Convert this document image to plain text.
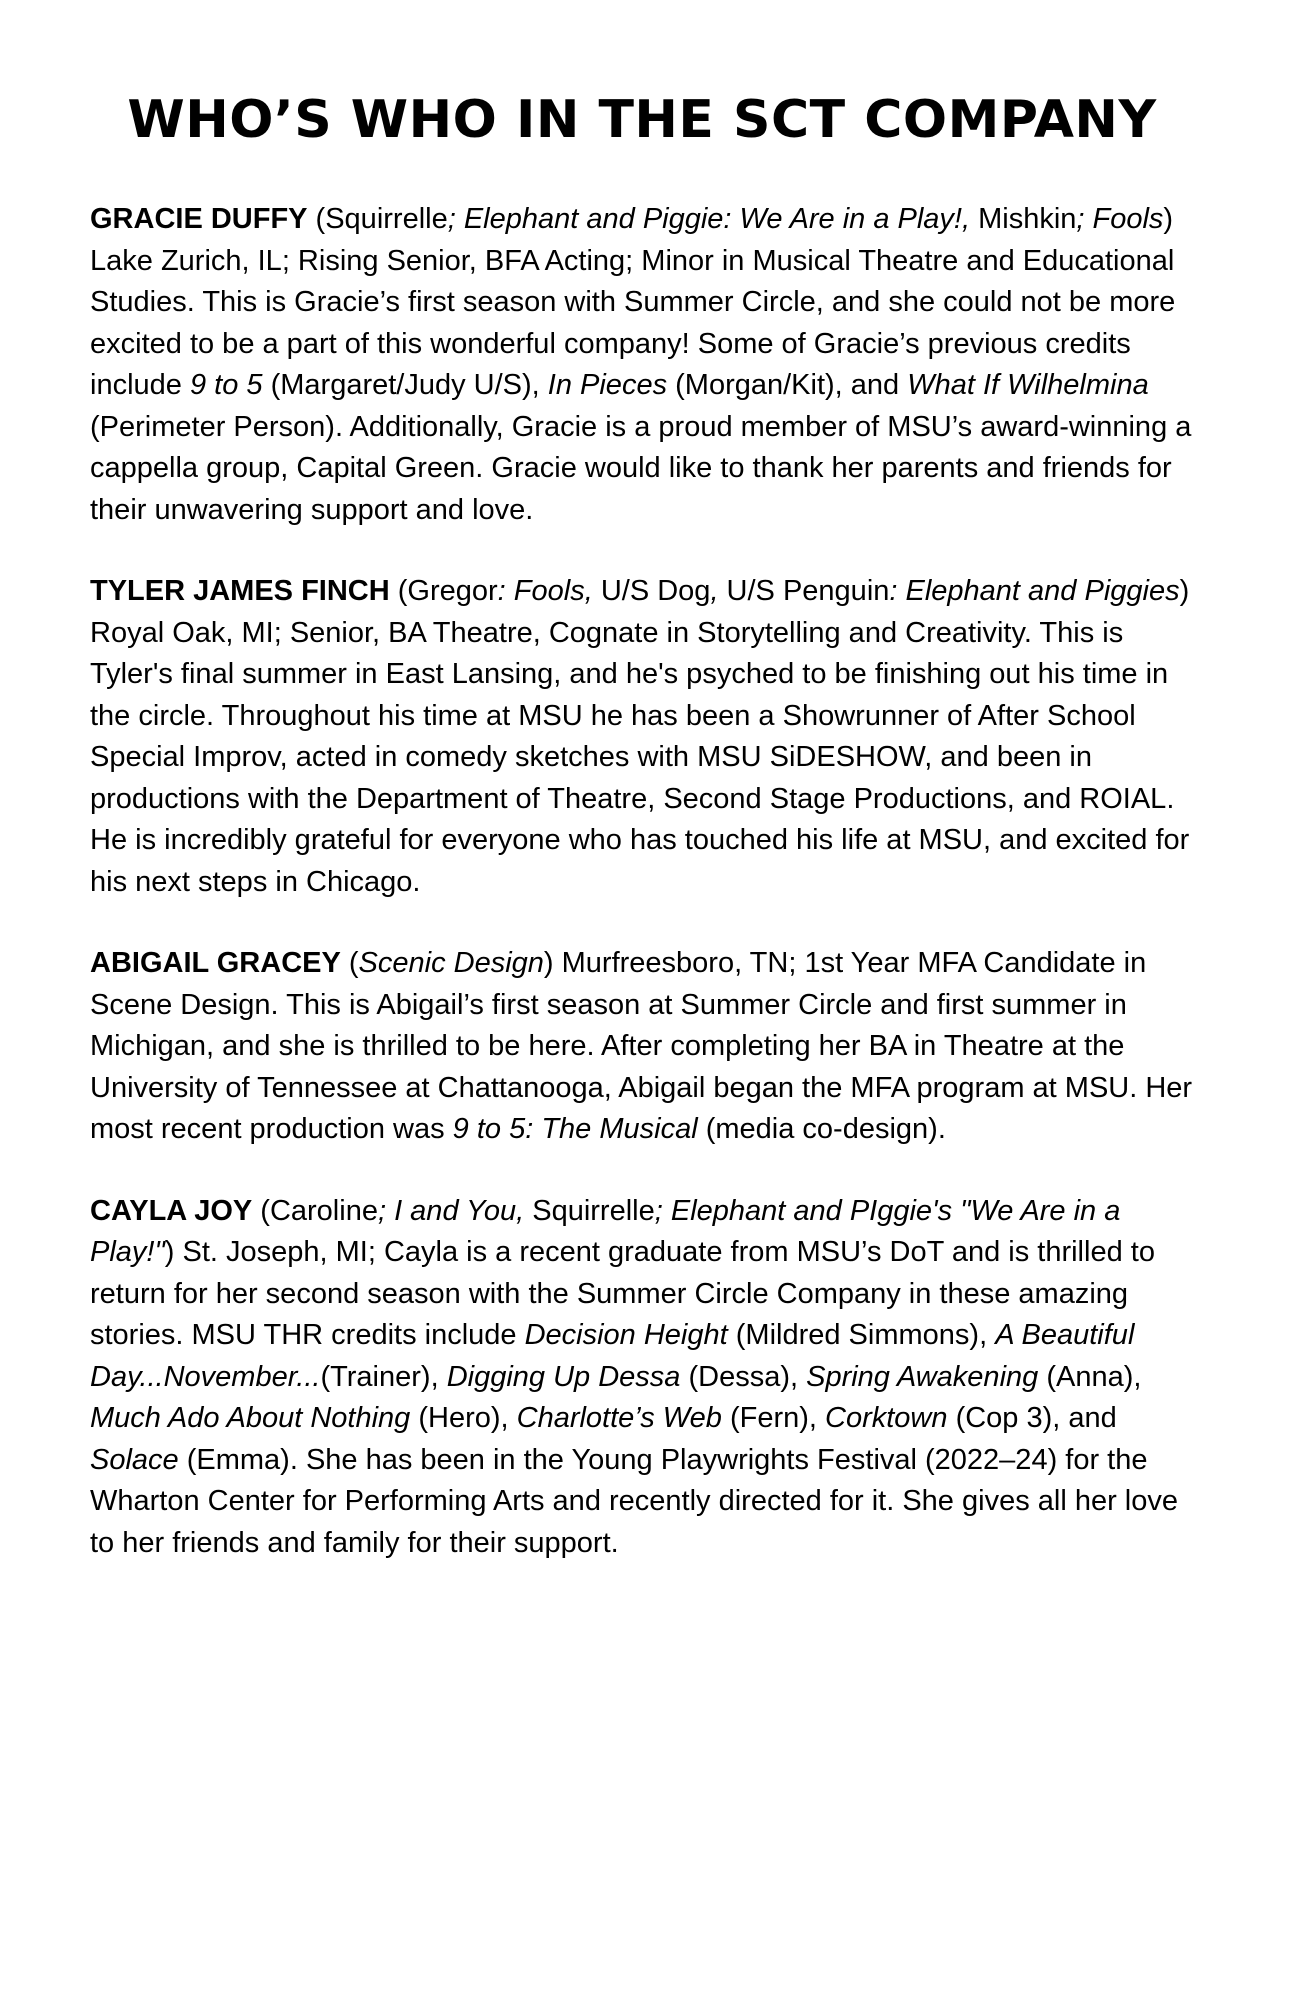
WHO’S WHO IN THE SCT COMPANY

GRACIE DUFFY (Squirrelle; Elephant and Piggie: We Are in a Play!, Mishkin; Fools) Lake Zurich, IL; Rising Senior, BFA Acting; Minor in Musical Theatre and Educational Studies. This is Gracie’s first season with Summer Circle, and she could not be more excited to be a part of this wonderful company! Some of Gracie’s previous credits include 9 to 5 (Margaret/Judy U/S), In Pieces (Morgan/Kit), and What If Wilhelmina (Perimeter Person). Additionally, Gracie is a proud member of MSU’s award-winning a cappella group, Capital Green. Gracie would like to thank her parents and friends for their unwavering support and love.

TYLER JAMES FINCH (Gregor: Fools, U/S Dog, U/S Penguin: Elephant and Piggies) Royal Oak, MI; Senior, BA Theatre, Cognate in Storytelling and Creativity. This is Tyler's final summer in East Lansing, and he's psyched to be finishing out his time in the circle. Throughout his time at MSU he has been a Showrunner of After School Special Improv, acted in comedy sketches with MSU SiDESHOW, and been in productions with the Department of Theatre, Second Stage Productions, and ROIAL. He is incredibly grateful for everyone who has touched his life at MSU, and excited for his next steps in Chicago.

ABIGAIL GRACEY (Scenic Design) Murfreesboro, TN; 1st Year MFA Candidate in Scene Design. This is Abigail’s first season at Summer Circle and first summer in Michigan, and she is thrilled to be here. After completing her BA in Theatre at the University of Tennessee at Chattanooga, Abigail began the MFA program at MSU. Her most recent production was 9 to 5: The Musical (media co-design).

CAYLA JOY (Caroline; I and You, Squirrelle; Elephant and PIggie's "We Are in a Play!") St. Joseph, MI; Cayla is a recent graduate from MSU’s DoT and is thrilled to return for her second season with the Summer Circle Company in these amazing stories. MSU THR credits include Decision Height (Mildred Simmons), A Beautiful Day...November...(Trainer), Digging Up Dessa (Dessa), Spring Awakening (Anna), Much Ado About Nothing (Hero), Charlotte’s Web (Fern), Corktown (Cop 3), and Solace (Emma). She has been in the Young Playwrights Festival (2022–24) for the Wharton Center for Performing Arts and recently directed for it. She gives all her love to her friends and family for their support.
